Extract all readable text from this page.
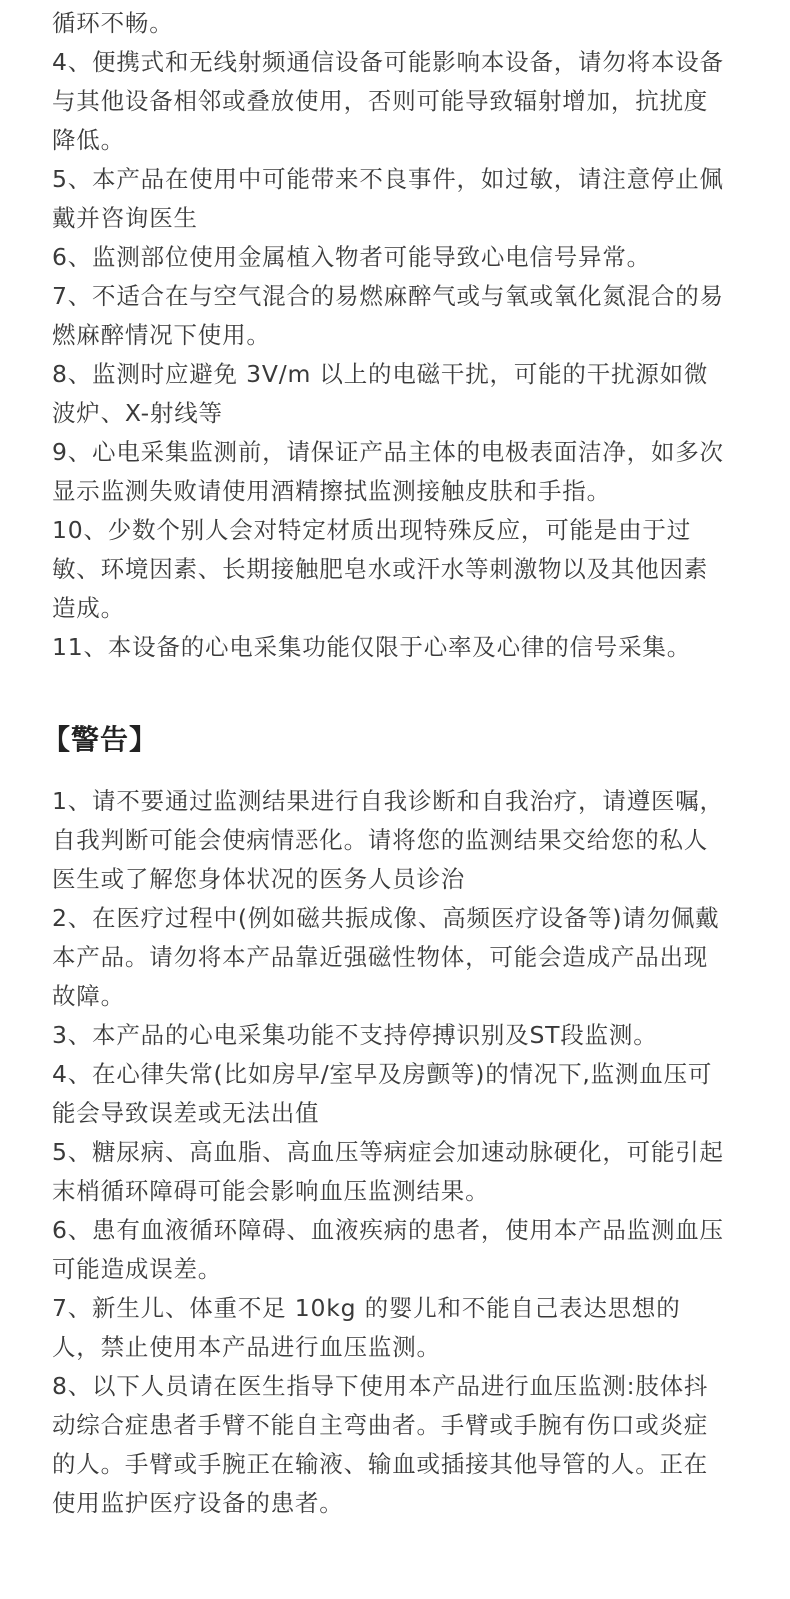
循环不畅。

4、便携式和无线射频通信设备可能影响本设备，请勿将本设备与其他设备相邻或叠放使用，否则可能导致辐射增加，抗扰度降低。

5、本产品在使用中可能带来不良事件，如过敏，请注意停止佩戴并咨询医生

6、监测部位使用金属植入物者可能导致心电信号异常。

7、不适合在与空气混合的易燃麻醉气或与氧或氧化氮混合的易燃麻醉情况下使用。

8、监测时应避免 3V/m 以上的电磁干扰，可能的干扰源如微波炉、X-射线等

9、心电采集监测前，请保证产品主体的电极表面洁净，如多次显示监测失败请使用酒精擦拭监测接触皮肤和手指。

10、少数个别人会对特定材质出现特殊反应，可能是由于过敏、环境因素、长期接触肥皂水或汗水等刺激物以及其他因素造成。

11、本设备的心电采集功能仅限于心率及心律的信号采集。

【警告】

1、请不要通过监测结果进行自我诊断和自我治疗，请遵医嘱，自我判断可能会使病情恶化。请将您的监测结果交给您的私人医生或了解您身体状况的医务人员诊治

2、在医疗过程中(例如磁共振成像、高频医疗设备等)请勿佩戴本产品。请勿将本产品靠近强磁性物体，可能会造成产品出现故障。

3、本产品的心电采集功能不支持停搏识别及ST段监测。

4、在心律失常(比如房早/室早及房颤等)的情况下,监测血压可能会导致误差或无法出值

5、糖尿病、高血脂、高血压等病症会加速动脉硬化，可能引起末梢循环障碍可能会影响血压监测结果。

6、患有血液循环障碍、血液疾病的患者，使用本产品监测血压可能造成误差。

7、新生儿、体重不足 10kg 的婴儿和不能自己表达思想的人，禁止使用本产品进行血压监测。

8、以下人员请在医生指导下使用本产品进行血压监测:肢体抖动综合症患者手臂不能自主弯曲者。手臂或手腕有伤口或炎症的人。手臂或手腕正在输液、输血或插接其他导管的人。正在使用监护医疗设备的患者。
